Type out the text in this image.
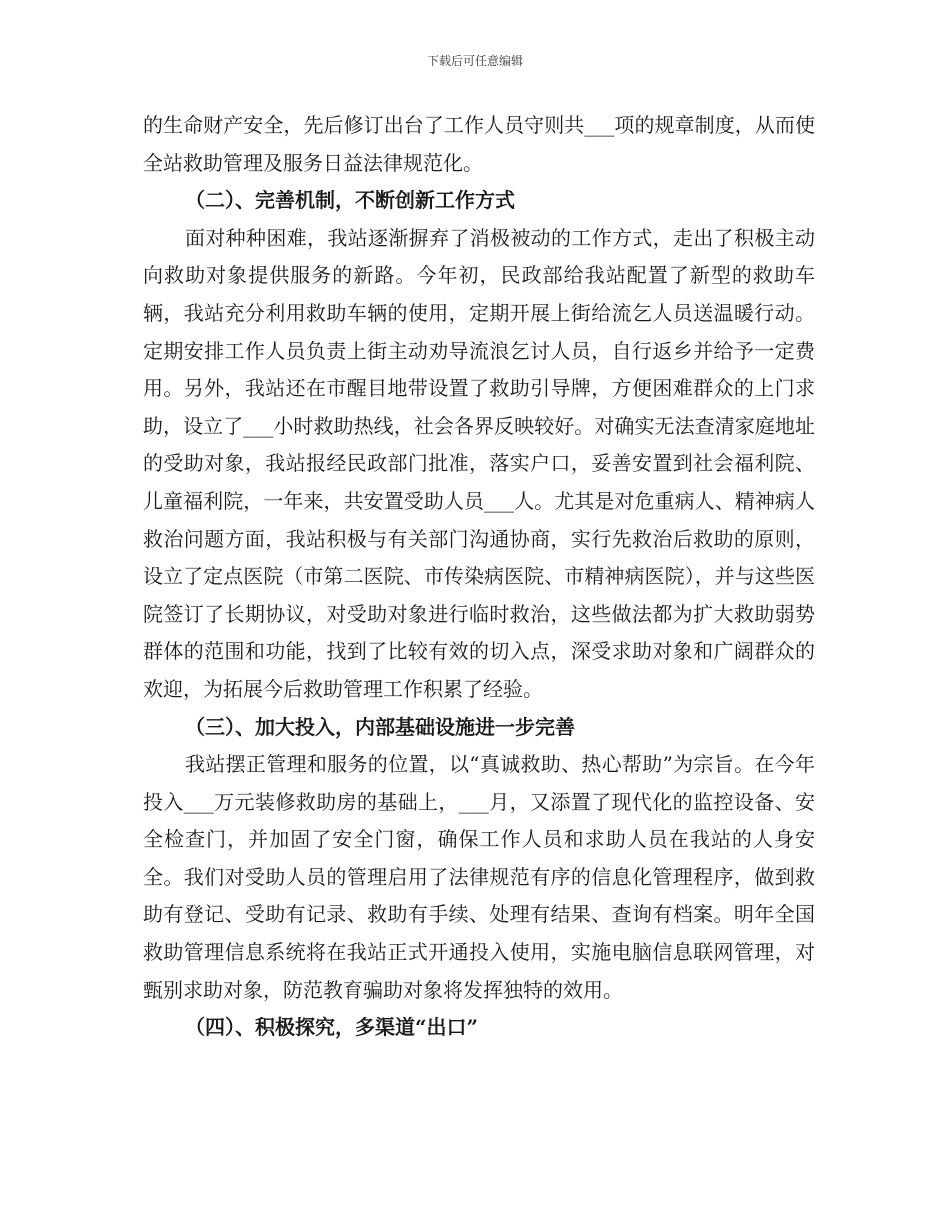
下载后可任意编辑

的生命财产安全，先后修订出台了工作人员守则共___项的规章制度，从而使全站救助管理及服务日益法律规范化。

（二）、完善机制，不断创新工作方式

面对种种困难，我站逐渐摒弃了消极被动的工作方式，走出了积极主动向救助对象提供服务的新路。今年初，民政部给我站配置了新型的救助车辆，我站充分利用救助车辆的使用，定期开展上街给流乞人员送温暖行动。定期安排工作人员负责上街主动劝导流浪乞讨人员，自行返乡并给予一定费用。另外，我站还在市醒目地带设置了救助引导牌，方便困难群众的上门求助，设立了___小时救助热线，社会各界反映较好。对确实无法查清家庭地址的受助对象，我站报经民政部门批准，落实户口，妥善安置到社会福利院、儿童福利院，一年来，共安置受助人员___人。尤其是对危重病人、精神病人救治问题方面，我站积极与有关部门沟通协商，实行先救治后救助的原则，设立了定点医院（市第二医院、市传染病医院、市精神病医院），并与这些医院签订了长期协议，对受助对象进行临时救治，这些做法都为扩大救助弱势群体的范围和功能，找到了比较有效的切入点，深受求助对象和广阔群众的欢迎，为拓展今后救助管理工作积累了经验。

（三）、加大投入，内部基础设施进一步完善

我站摆正管理和服务的位置，以“真诚救助、热心帮助”为宗旨。在今年投入___万元装修救助房的基础上，___月，又添置了现代化的监控设备、安全检查门，并加固了安全门窗，确保工作人员和求助人员在我站的人身安全。我们对受助人员的管理启用了法律规范有序的信息化管理程序，做到救助有登记、受助有记录、救助有手续、处理有结果、查询有档案。明年全国救助管理信息系统将在我站正式开通投入使用，实施电脑信息联网管理，对甄别求助对象，防范教育骗助对象将发挥独特的效用。

（四）、积极探究，多渠道“出口”
